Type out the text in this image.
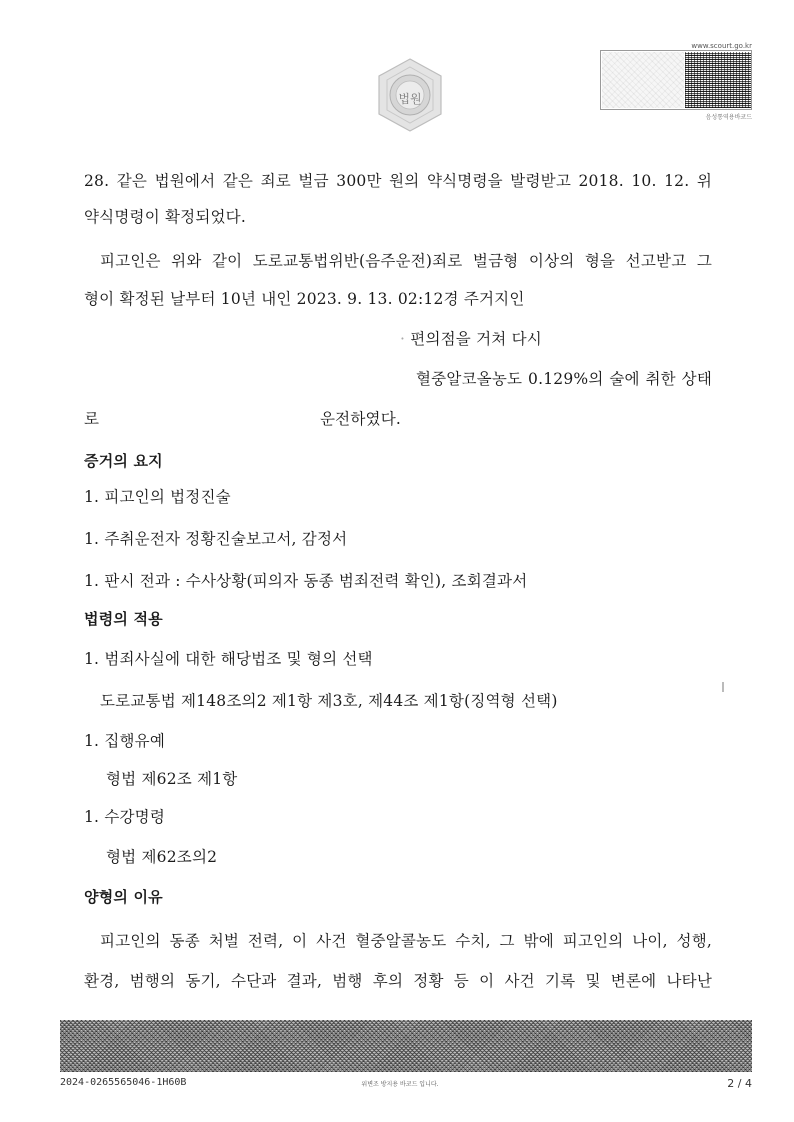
법원
www.scourt.go.kr
음성통역용바코드
28. 같은 법원에서 같은 죄로 벌금 300만 원의 약식명령을 발령받고 2018. 10. 12. 위
약식명령이 확정되었다.
피고인은 위와 같이 도로교통법위반(음주운전)죄로 벌금형 이상의 형을 선고받고 그
형이 확정된 날부터 10년 내인 2023. 9. 13. 02:12경 주거지인
· 편의점을 거쳐 다시
혈중알코올농도 0.129%의 술에 취한 상태
로	운전하였다.
증거의 요지
1. 피고인의 법정진술
1. 주취운전자 정황진술보고서, 감정서
1. 판시 전과 : 수사상황(피의자 동종 범죄전력 확인), 조회결과서
법령의 적용
1. 범죄사실에 대한 해당법조 및 형의 선택
도로교통법 제148조의2 제1항 제3호, 제44조 제1항(징역형 선택)
1. 집행유예
형법 제62조 제1항
1. 수강명령
형법 제62조의2
양형의 이유
피고인의 동종 처벌 전력, 이 사건 혈중알콜농도 수치, 그 밖에 피고인의 나이, 성행,
환경, 범행의 동기, 수단과 결과, 범행 후의 정황 등 이 사건 기록 및 변론에 나타난
2024-0265565046-1H60B	위변조 방지용 바코드 입니다.	2 / 4
